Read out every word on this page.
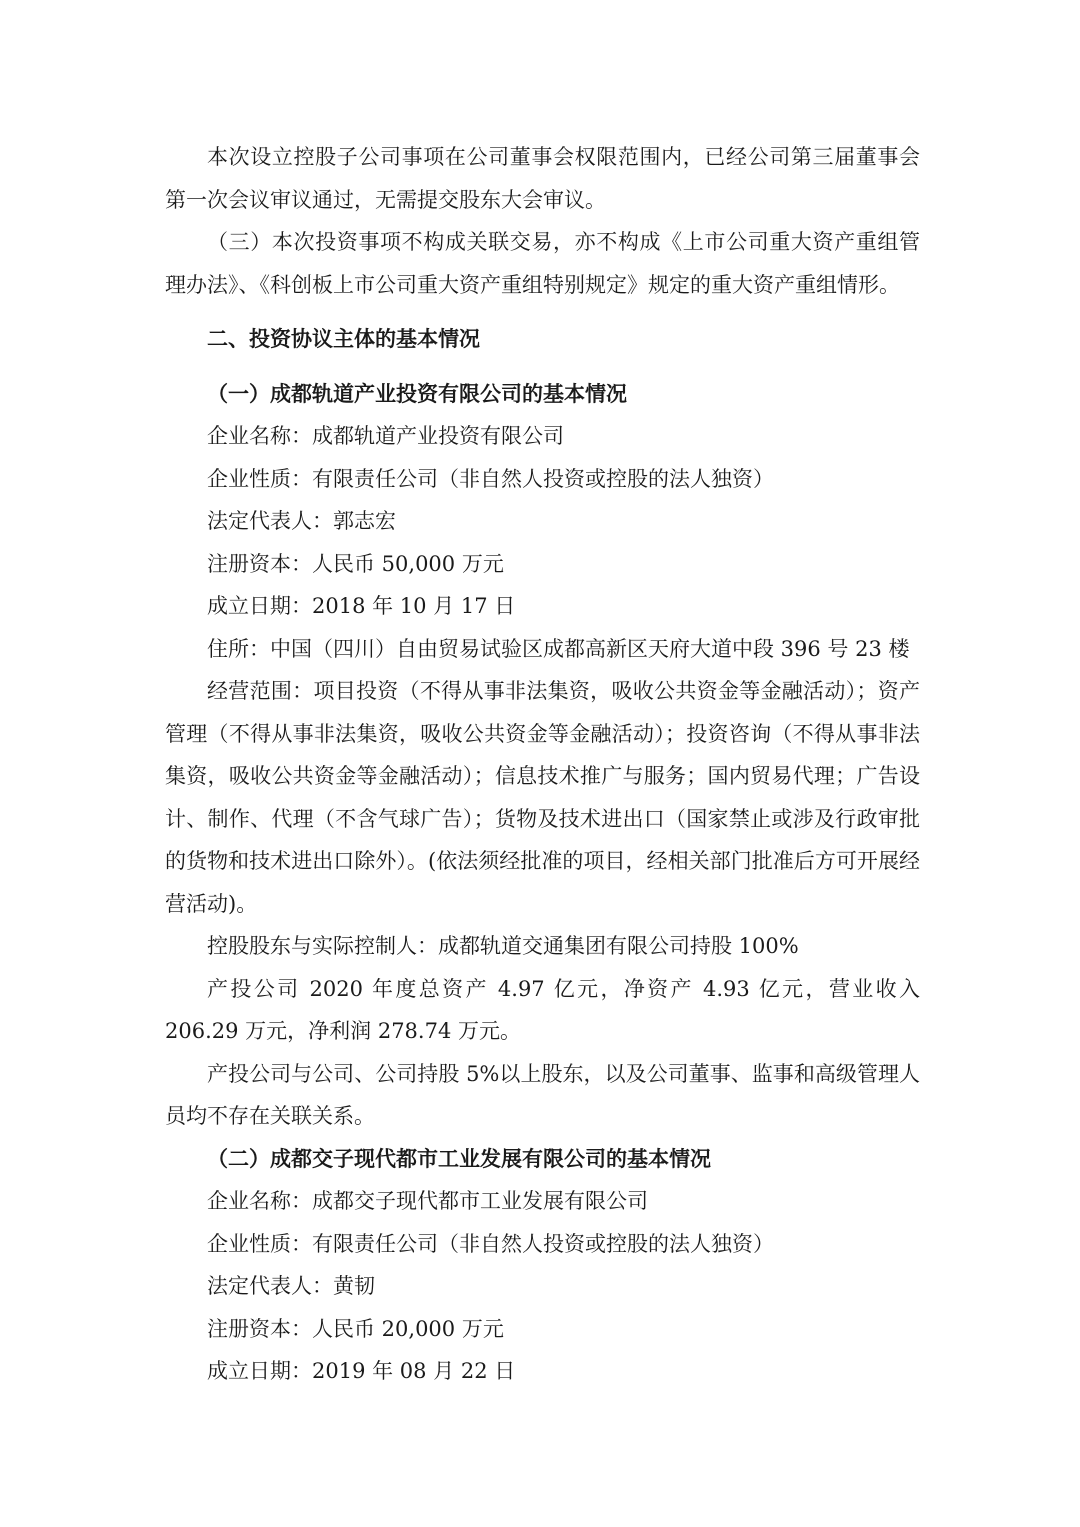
本次设立控股子公司事项在公司董事会权限范围内，已经公司第三届董事会第一次会议审议通过，无需提交股东大会审议。

（三）本次投资事项不构成关联交易，亦不构成《上市公司重大资产重组管理办法》、《科创板上市公司重大资产重组特别规定》规定的重大资产重组情形。

二、投资协议主体的基本情况

（一）成都轨道产业投资有限公司的基本情况

企业名称：成都轨道产业投资有限公司

企业性质：有限责任公司（非自然人投资或控股的法人独资）

法定代表人：郭志宏

注册资本：人民币 50,000 万元

成立日期：2018 年 10 月 17 日

住所：中国（四川）自由贸易试验区成都高新区天府大道中段 396 号 23 楼

经营范围：项目投资（不得从事非法集资，吸收公共资金等金融活动）；资产管理（不得从事非法集资，吸收公共资金等金融活动）；投资咨询（不得从事非法集资，吸收公共资金等金融活动）；信息技术推广与服务；国内贸易代理；广告设计、制作、代理（不含气球广告）；货物及技术进出口（国家禁止或涉及行政审批的货物和技术进出口除外）。(依法须经批准的项目，经相关部门批准后方可开展经营活动)。

控股股东与实际控制人：成都轨道交通集团有限公司持股 100%

产投公司 2020 年度总资产 4.97 亿元，净资产 4.93 亿元，营业收入 206.29 万元，净利润 278.74 万元。

产投公司与公司、公司持股 5%以上股东，以及公司董事、监事和高级管理人员均不存在关联关系。

（二）成都交子现代都市工业发展有限公司的基本情况

企业名称：成都交子现代都市工业发展有限公司

企业性质：有限责任公司（非自然人投资或控股的法人独资）

法定代表人：黄韧

注册资本：人民币 20,000 万元

成立日期：2019 年 08 月 22 日
